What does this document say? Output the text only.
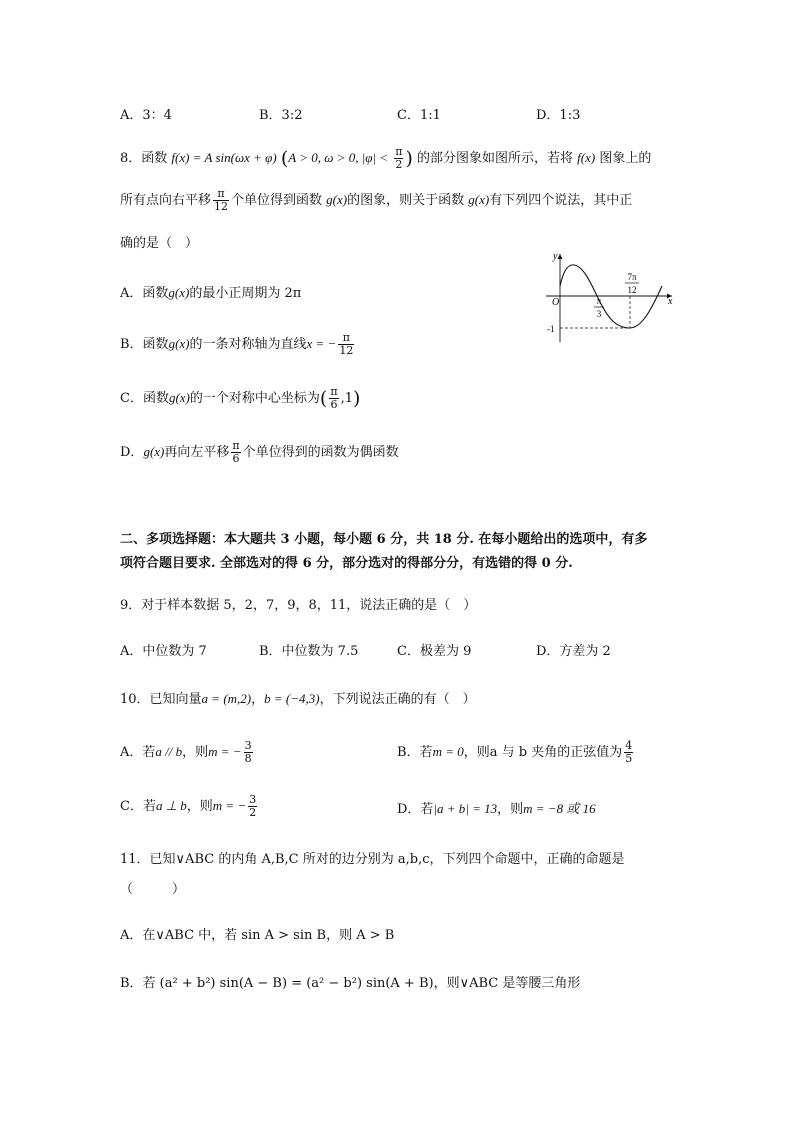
A．3：4	B．3:2	C．1:1	D．1:3
8．函数 f(x) = A sin(ωx + φ) (A > 0, ω > 0, $|\varphi| < \frac{\pi}{2}$ ) 的部分图象如图所示，若将 f(x) 图象上的
所有点向右平移 $\frac{\pi}{12}$ 个单位得到函数 g(x)的图象，则关于函数 g(x)有下列四个说法，其中正
确的是（　）
A．函数g(x)的最小正周期为 2π
B．函数g(x)的一条对称轴为直线x = − $\frac{\pi}{12}$
C．函数g(x)的一个对称中心坐标为( $\frac{\pi}{6} ,1$)
D．g(x)再向左平移 $\frac{\pi}{6}$ 个单位得到的函数为偶函数
y
x
O
-1
π
3
7π
12
二、多项选择题：本大题共 3 小题，每小题 6 分，共 18 分. 在每小题给出的选项中，有多
项符合题目要求. 全部选对的得 6 分，部分选对的得部分分，有选错的得 0 分.
9．对于样本数据 5，2，7，9，8，11，说法正确的是（　）
A．中位数为 7	B．中位数为 7.5	C．极差为 9	D．方差为 2
10．已知向量a = (m,2)，b = (−4,3)，下列说法正确的有（　）
A．若a // b，则m = − $\frac{3}{8}$	B．若m = 0，则a 与 b 夹角的正弦值为 $\frac{4}{5}$
C．若a ⊥ b，则m = − $\frac{3}{2}$	D．若|a + b| = 13，则m = −8 或 16
11．已知∨ABC 的内角 A,B,C 所对的边分别为 a,b,c，下列四个命题中，正确的命题是
（　　　）
A．在∨ABC 中，若 sin A > sin B，则 A > B
B．若 (a² + b²) sin(A − B) = (a² − b²) sin(A + B)，则∨ABC 是等腰三角形
